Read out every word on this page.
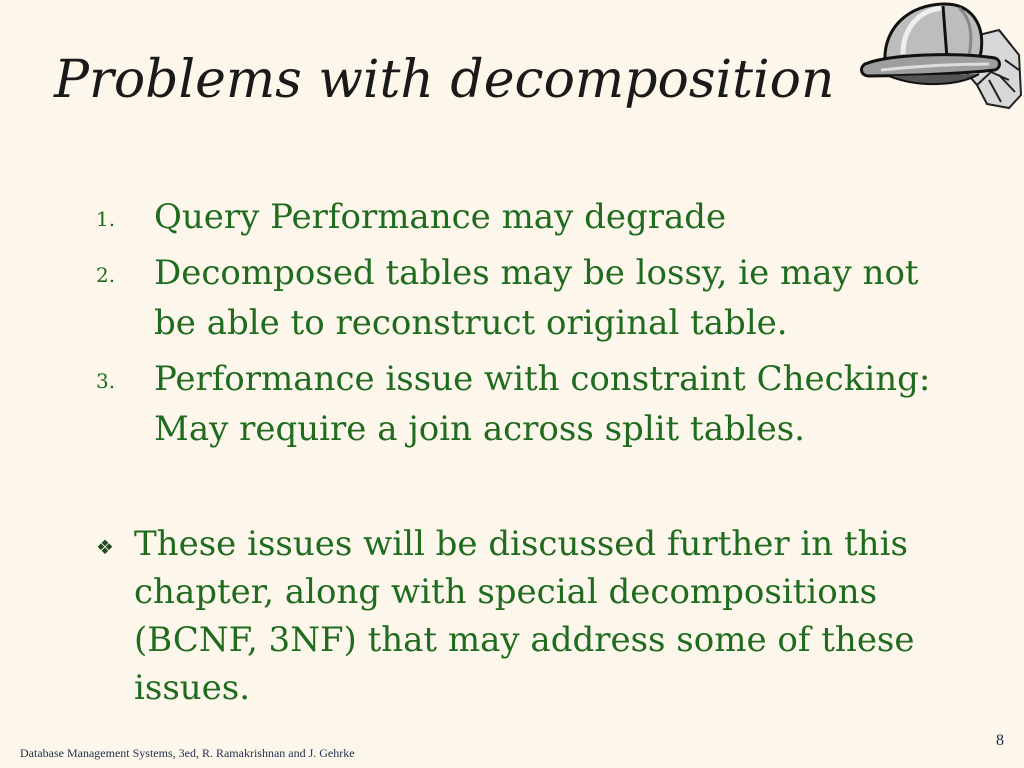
Problems with decomposition
1. Query Performance may degrade
2. Decomposed tables may be lossy, ie may not be able to reconstruct original table.
3. Performance issue with constraint Checking: May require a join across split tables.
❖ These issues will be discussed further in this chapter, along with special decompositions (BCNF, 3NF) that may address some of these issues.
Database Management Systems, 3ed, R. Ramakrishnan and J. Gehrke
8
